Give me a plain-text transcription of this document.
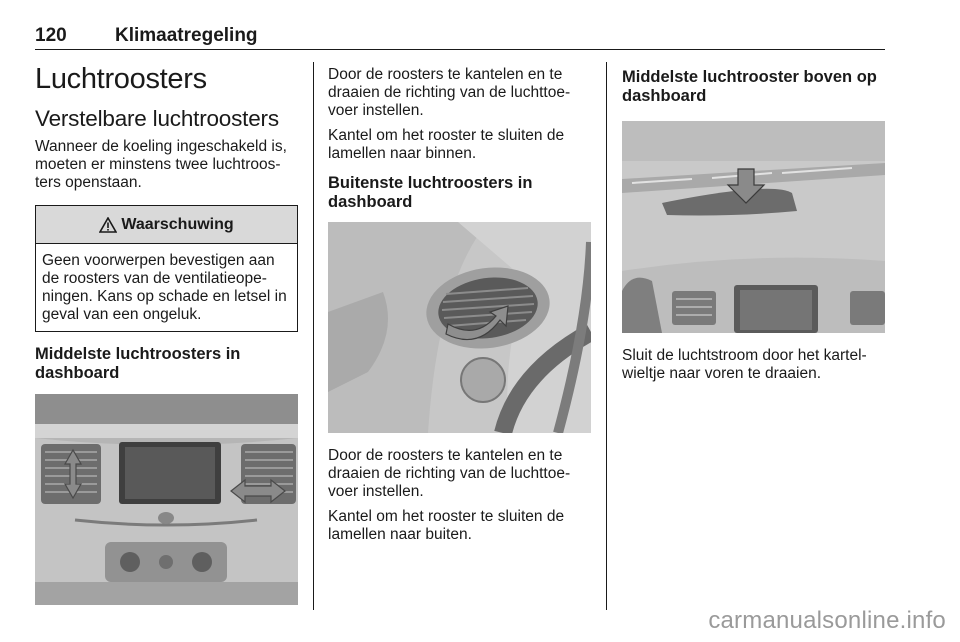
120	Klimaatregeling
Luchtroosters
Verstelbare luchtroosters

Wanneer de koeling ingeschakeld is, moeten er minstens twee luchtroosters openstaan.

Waarschuwing
Geen voorwerpen bevestigen aan de roosters van de ventilatieopeningen. Kans op schade en letsel in geval van een ongeluk.
Middelste luchtroosters in dashboard

Door de roosters te kantelen en te draaien de richting van de luchttoevoer instellen.

Kantel om het rooster te sluiten de lamellen naar binnen.

Buitenste luchtroosters in dashboard

Door de roosters te kantelen en te draaien de richting van de luchttoevoer instellen.

Kantel om het rooster te sluiten de lamellen naar buiten.

Middelste luchtrooster boven op dashboard

Sluit de luchtstroom door het kartelwieltje naar voren te draaien.

carmanualsonline.info
